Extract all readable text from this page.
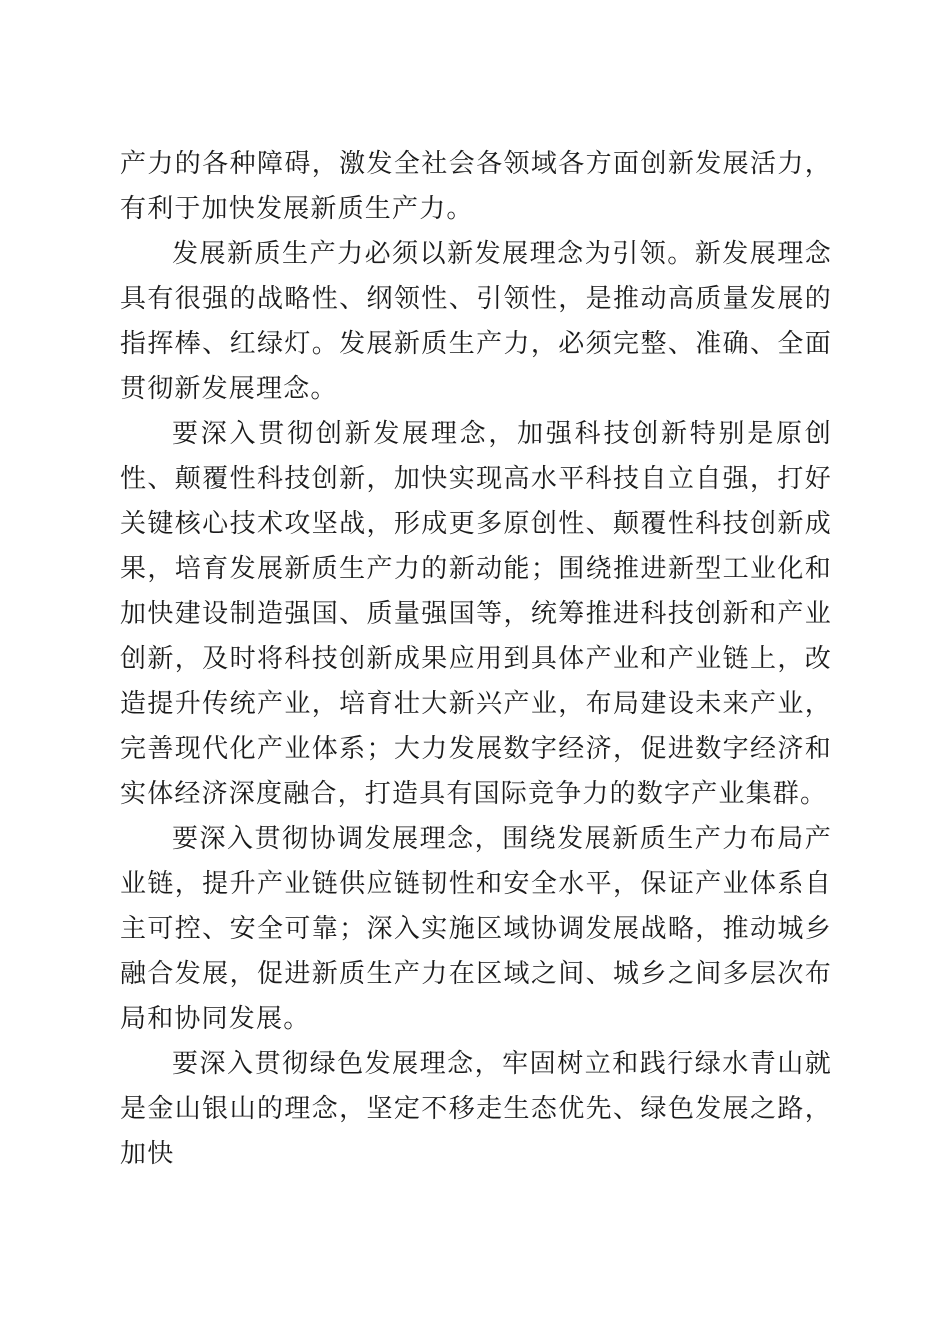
产力的各种障碍，激发全社会各领域各方面创新发展活力，有利于加快发展新质生产力。

发展新质生产力必须以新发展理念为引领。新发展理念具有很强的战略性、纲领性、引领性，是推动高质量发展的指挥棒、红绿灯。发展新质生产力，必须完整、准确、全面贯彻新发展理念。

要深入贯彻创新发展理念，加强科技创新特别是原创性、颠覆性科技创新，加快实现高水平科技自立自强，打好关键核心技术攻坚战，形成更多原创性、颠覆性科技创新成果，培育发展新质生产力的新动能；围绕推进新型工业化和加快建设制造强国、质量强国等，统筹推进科技创新和产业创新，及时将科技创新成果应用到具体产业和产业链上，改造提升传统产业，培育壮大新兴产业，布局建设未来产业，完善现代化产业体系；大力发展数字经济，促进数字经济和实体经济深度融合，打造具有国际竞争力的数字产业集群。

要深入贯彻协调发展理念，围绕发展新质生产力布局产业链，提升产业链供应链韧性和安全水平，保证产业体系自主可控、安全可靠；深入实施区域协调发展战略，推动城乡融合发展，促进新质生产力在区域之间、城乡之间多层次布局和协同发展。

要深入贯彻绿色发展理念，牢固树立和践行绿水青山就是金山银山的理念，坚定不移走生态优先、绿色发展之路，加快
